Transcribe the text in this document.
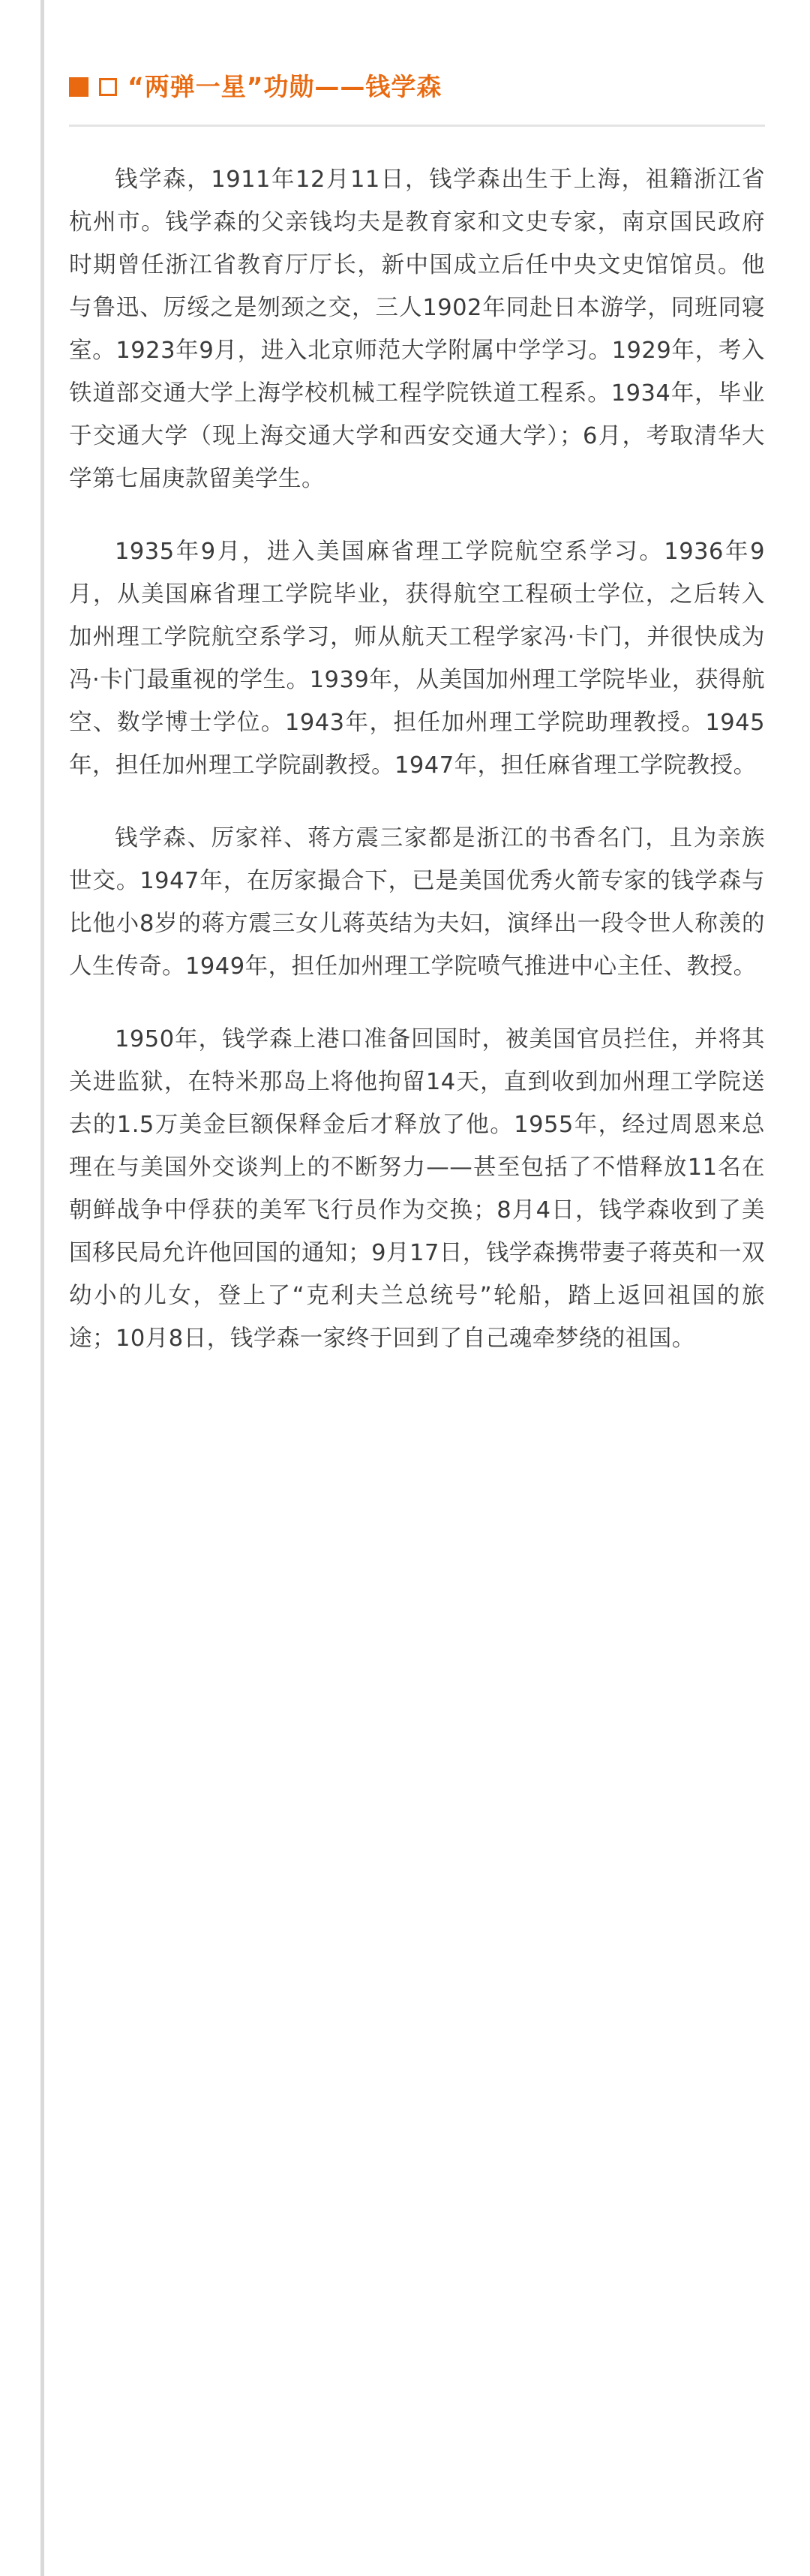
“两弹一星”功勋——钱学森

钱学森，1911年12月11日，钱学森出生于上海，祖籍浙江省杭州市。钱学森的父亲钱均夫是教育家和文史专家，南京国民政府时期曾任浙江省教育厅厅长，新中国成立后任中央文史馆馆员。他与鲁迅、厉绥之是刎颈之交，三人1902年同赴日本游学，同班同寝室。1923年9月，进入北京师范大学附属中学学习。1929年，考入铁道部交通大学上海学校机械工程学院铁道工程系。1934年，毕业于交通大学（现上海交通大学和西安交通大学）；6月，考取清华大学第七届庚款留美学生。

1935年9月，进入美国麻省理工学院航空系学习。1936年9月，从美国麻省理工学院毕业，获得航空工程硕士学位，之后转入加州理工学院航空系学习，师从航天工程学家冯·卡门，并很快成为冯·卡门最重视的学生。1939年，从美国加州理工学院毕业，获得航空、数学博士学位。1943年，担任加州理工学院助理教授。1945年，担任加州理工学院副教授。1947年，担任麻省理工学院教授。

钱学森、厉家祥、蒋方震三家都是浙江的书香名门，且为亲族世交。1947年，在厉家撮合下，已是美国优秀火箭专家的钱学森与比他小8岁的蒋方震三女儿蒋英结为夫妇，演绎出一段令世人称羡的人生传奇。1949年，担任加州理工学院喷气推进中心主任、教授。

1950年，钱学森上港口准备回国时，被美国官员拦住，并将其关进监狱，在特米那岛上将他拘留14天，直到收到加州理工学院送去的1.5万美金巨额保释金后才释放了他。1955年，经过周恩来总理在与美国外交谈判上的不断努力——甚至包括了不惜释放11名在朝鲜战争中俘获的美军飞行员作为交换；8月4日，钱学森收到了美国移民局允许他回国的通知；9月17日，钱学森携带妻子蒋英和一双幼小的儿女，登上了“克利夫兰总统号”轮船，踏上返回祖国的旅途；10月8日，钱学森一家终于回到了自己魂牵梦绕的祖国。
